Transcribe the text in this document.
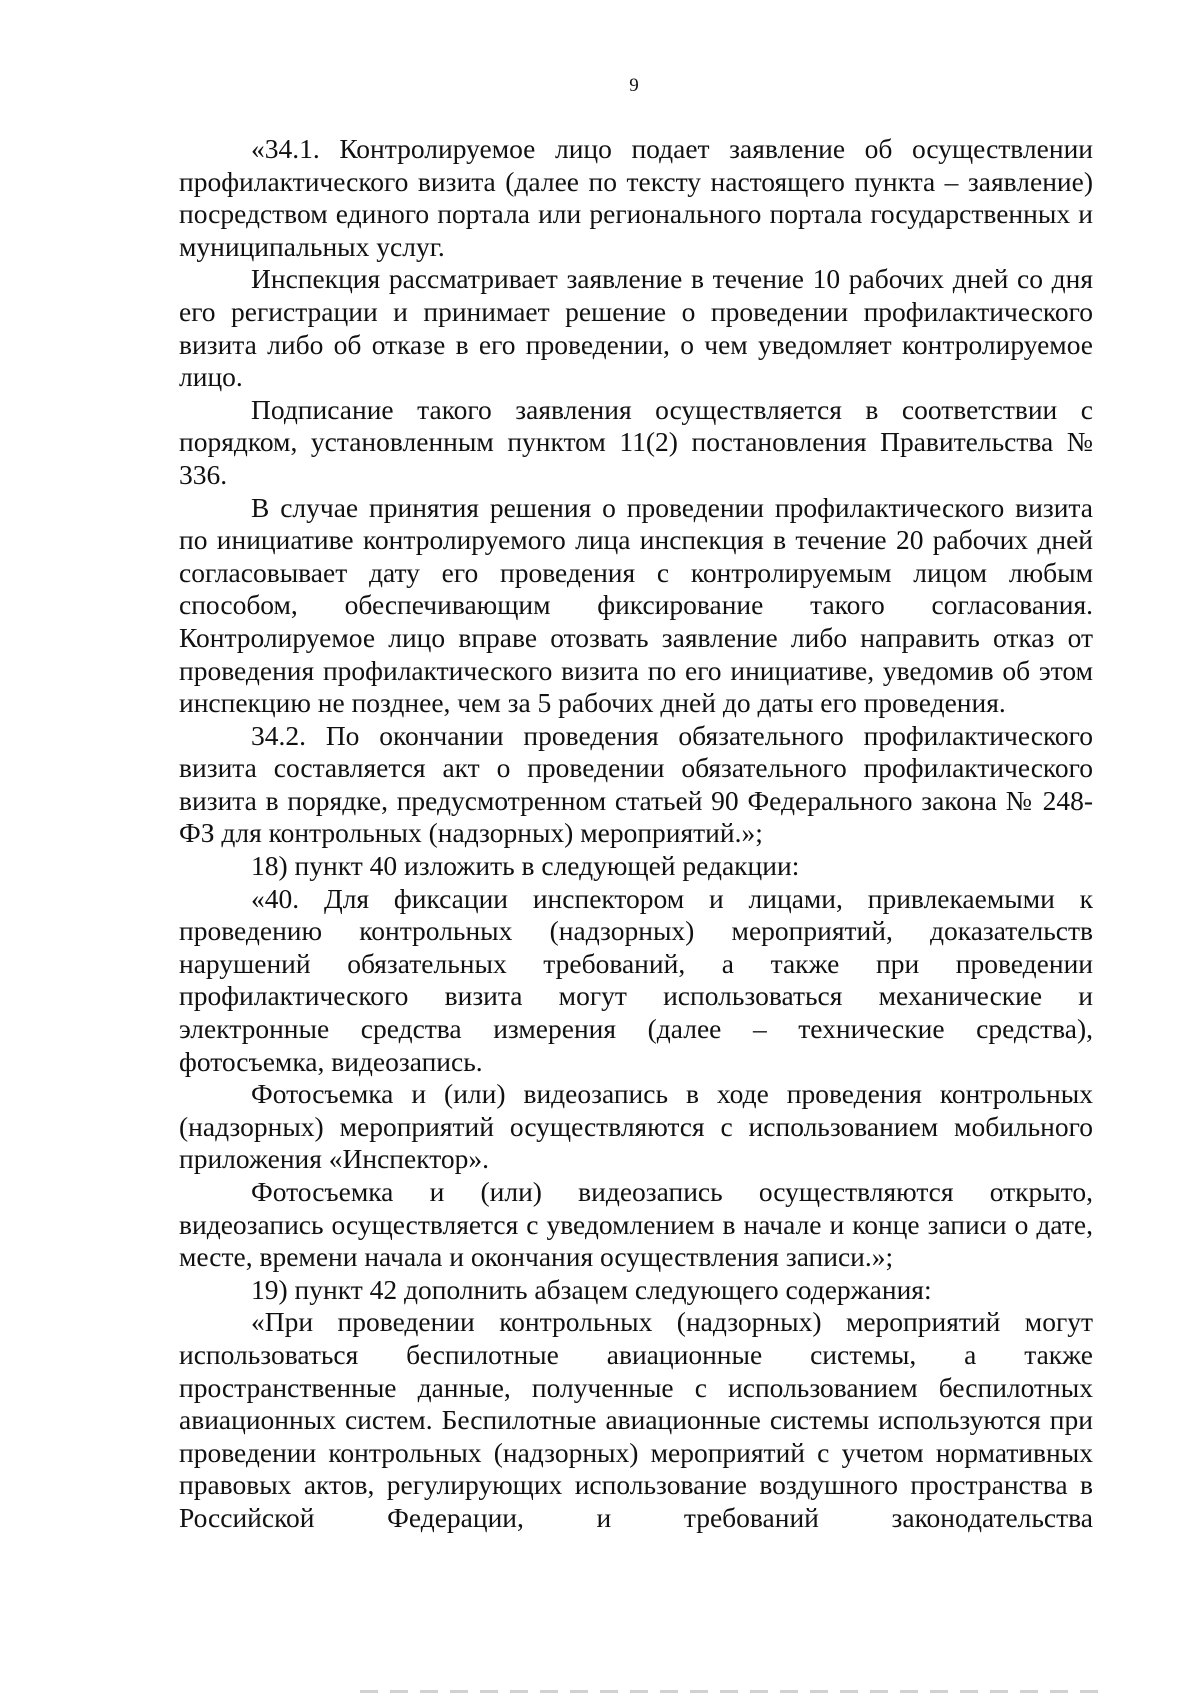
9

«34.1. Контролируемое лицо подает заявление об осуществлении профилактического визита (далее по тексту настоящего пункта – заявление) посредством единого портала или регионального портала государственных и муниципальных услуг.

Инспекция рассматривает заявление в течение 10 рабочих дней со дня его регистрации и принимает решение о проведении профилактического визита либо об отказе в его проведении, о чем уведомляет контролируемое лицо.

Подписание такого заявления осуществляется в соответствии с порядком, установленным пунктом 11(2) постановления Правительства № 336.

В случае принятия решения о проведении профилактического визита по инициативе контролируемого лица инспекция в течение 20 рабочих дней согласовывает дату его проведения с контролируемым лицом любым способом, обеспечивающим фиксирование такого согласования. Контролируемое лицо вправе отозвать заявление либо направить отказ от проведения профилактического визита по его инициативе, уведомив об этом инспекцию не позднее, чем за 5 рабочих дней до даты его проведения.

34.2. По окончании проведения обязательного профилактического визита составляется акт о проведении обязательного профилактического визита в порядке, предусмотренном статьей 90 Федерального закона № 248-ФЗ для контрольных (надзорных) мероприятий.»;

18) пункт 40 изложить в следующей редакции:

«40. Для фиксации инспектором и лицами, привлекаемыми к проведению контрольных (надзорных) мероприятий, доказательств нарушений обязательных требований, а также при проведении профилактического визита могут использоваться механические и электронные средства измерения (далее – технические средства), фотосъемка, видеозапись.

Фотосъемка и (или) видеозапись в ходе проведения контрольных (надзорных) мероприятий осуществляются с использованием мобильного приложения «Инспектор».

Фотосъемка и (или) видеозапись осуществляются открыто, видеозапись осуществляется с уведомлением в начале и конце записи о дате, месте, времени начала и окончания осуществления записи.»;

19) пункт 42 дополнить абзацем следующего содержания:

«При проведении контрольных (надзорных) мероприятий могут использоваться беспилотные авиационные системы, а также пространственные данные, полученные с использованием беспилотных авиационных систем. Беспилотные авиационные системы используются при проведении контрольных (надзорных) мероприятий с учетом нормативных правовых актов, регулирующих использование воздушного пространства в Российской Федерации, и требований законодательства
